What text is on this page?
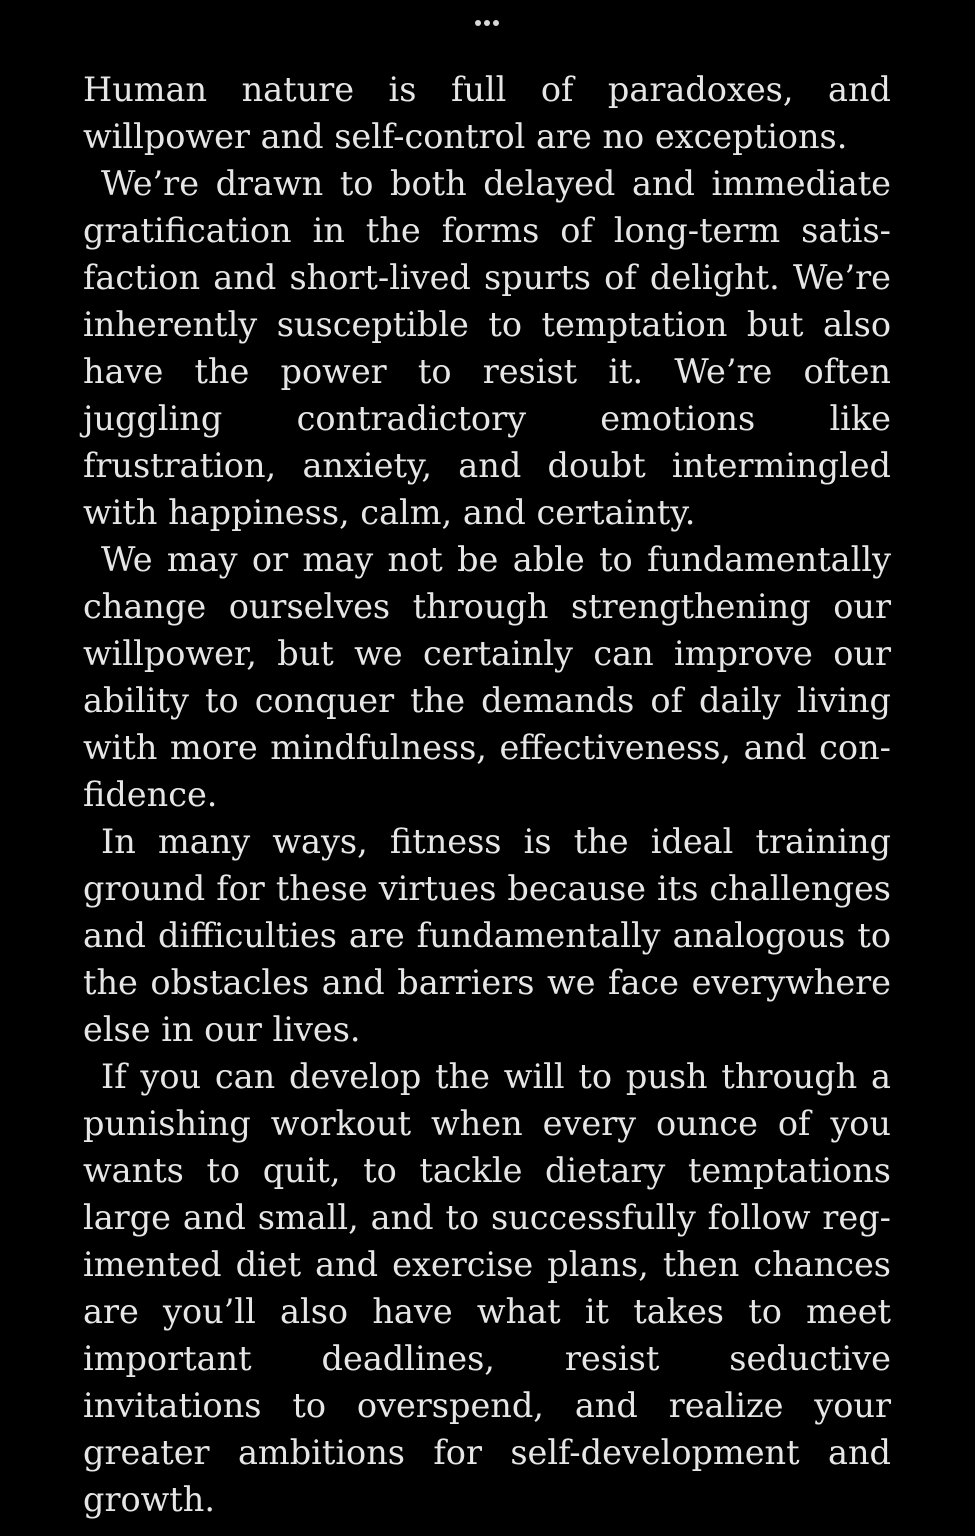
Human nature is full of paradoxes, and willpower and self-control are no exceptions.

We’re drawn to both delayed and immediate gratification in the forms of long-term satisfaction and short-lived spurts of delight. We’re inherently susceptible to temptation but also have the power to resist it. We’re often juggling contradictory emotions like frustration, anxiety, and doubt intermingled with happiness, calm, and certainty.

We may or may not be able to fundamentally change ourselves through strengthening our willpower, but we certainly can improve our ability to conquer the demands of daily living with more mindfulness, effectiveness, and confidence.

In many ways, fitness is the ideal training ground for these virtues because its challenges and difficulties are fundamentally analogous to the obstacles and barriers we face everywhere else in our lives.

If you can develop the will to push through a punishing workout when every ounce of you wants to quit, to tackle dietary temptations large and small, and to successfully follow regimented diet and exercise plans, then chances are you’ll also have what it takes to meet important deadlines, resist seductive invitations to overspend, and realize your greater ambitions for self-development and growth.
